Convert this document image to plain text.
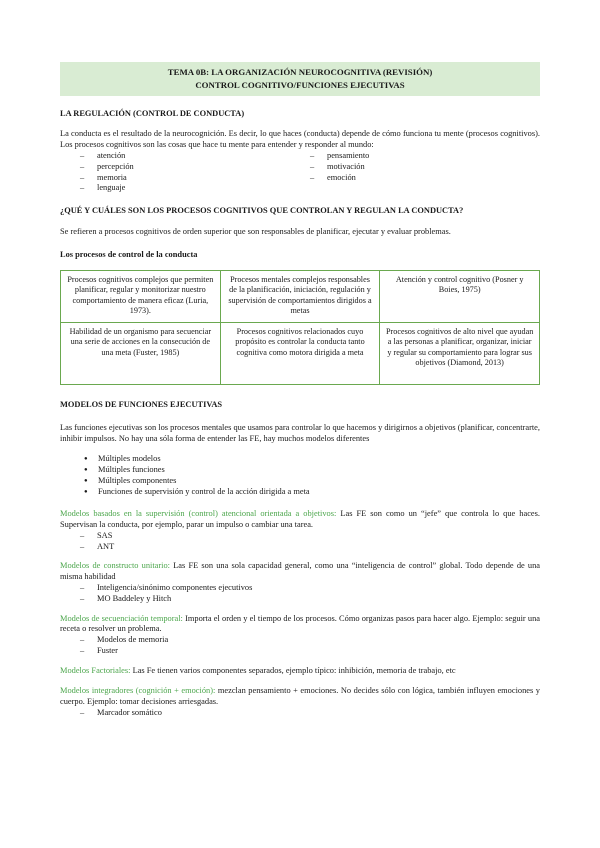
TEMA 0B: LA ORGANIZACIÓN NEUROCOGNITIVA (REVISIÓN)
CONTROL COGNITIVO/FUNCIONES EJECUTIVAS
LA REGULACIÓN (CONTROL DE CONDUCTA)

La conducta es el resultado de la neurocognición. Es decir, lo que haces (conducta) depende de cómo funciona tu mente (procesos cognitivos). Los procesos cognitivos son las cosas que hace tu mente para entender y responder al mundo:

– atención
– percepción
– memoria
– lenguaje
– pensamiento
– motivación
– emoción
¿QUÉ Y CUÁLES SON LOS PROCESOS COGNITIVOS QUE CONTROLAN Y REGULAN LA CONDUCTA?

Se refieren a procesos cognitivos de orden superior que son responsables de planificar, ejecutar y evaluar problemas.

Los procesos de control de la conducta
Procesos cognitivos complejos que permiten planificar, regular y monitorizar nuestro comportamiento de manera eficaz (Luria, 1973).	Procesos mentales complejos responsables de la planificación, iniciación, regulación y supervisión de comportamientos dirigidos a metas	Atención y control cognitivo (Posner y Boies, 1975)
Habilidad de un organismo para secuenciar una serie de acciones en la consecución de una meta (Fuster, 1985)	Procesos cognitivos relacionados cuyo propósito es controlar la conducta tanto cognitiva como motora dirigida a meta	Procesos cognitivos de alto nivel que ayudan a las personas a planificar, organizar, iniciar y regular su comportamiento para lograr sus objetivos (Diamond, 2013)
MODELOS DE FUNCIONES EJECUTIVAS

Las funciones ejecutivas son los procesos mentales que usamos para controlar lo que hacemos y dirigirnos a objetivos (planificar, concentrarte, inhibir impulsos. No hay una sóla forma de entender las FE, hay muchos modelos diferentes

● Múltiples modelos
● Múltiples funciones
● Múltiples componentes
● Funciones de supervisión y control de la acción dirigida a meta

Modelos basados en la supervisión (control) atencional orientada a objetivos: Las FE son como un “jefe” que controla lo que haces. Supervisan la conducta, por ejemplo, parar un impulso o cambiar una tarea.

– SAS
– ANT

Modelos de constructo unitario: Las FE son una sola capacidad general, como una “inteligencia de control” global. Todo depende de una misma habilidad

– Inteligencia/sinónimo componentes ejecutivos
– MO Baddeley y Hitch

Modelos de secuenciación temporal: Importa el orden y el tiempo de los procesos. Cómo organizas pasos para hacer algo. Ejemplo: seguir una receta o resolver un problema.

– Modelos de memoria
– Fuster

Modelos Factoriales: Las Fe tienen varios componentes separados, ejemplo típico: inhibición, memoria de trabajo, etc

Modelos integradores (cognición + emoción): mezclan pensamiento + emociones. No decides sólo con lógica, también influyen emociones y cuerpo. Ejemplo: tomar decisiones arriesgadas.

– Marcador somático
